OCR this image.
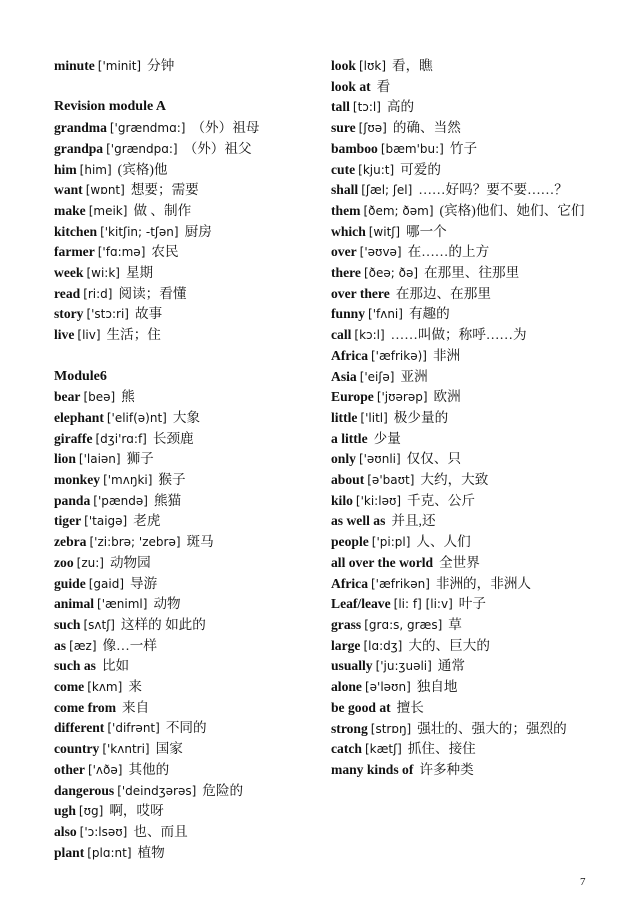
minute ['minit] 分钟
Revision module A
grandma ['grændmɑ:] （外）祖母
grandpa ['grændpɑ:] （外）祖父
him [him] (宾格)他
want [wɒnt] 想要；需要
make [meik] 做 、制作
kitchen ['kitʃin; -tʃən] 厨房
farmer ['fɑ:mə] 农民
week [wi:k] 星期
read [ri:d] 阅读；看懂
story ['stɔ:ri] 故事
live [liv] 生活；住
Module6
bear [beə] 熊
elephant ['elif(ə)nt] 大象
giraffe [dʒi'rɑ:f] 长颈鹿
lion ['laiən] 狮子
monkey ['mʌŋki] 猴子
panda ['pændə] 熊猫
tiger ['taigə] 老虎
zebra ['zi:brə; 'zebrə] 斑马
zoo [zu:] 动物园
guide [gaid] 导游
animal ['æniml] 动物
such [sʌtʃ] 这样的 如此的
as [æz] 像…一样
such as 比如
come [kʌm] 来
come from 来自
different ['difrənt] 不同的
country ['kʌntri] 国家
other ['ʌðə] 其他的
dangerous ['deindʒərəs] 危险的
ugh [ʊg] 啊，哎呀
also ['ɔ:lsəʊ] 也、而且
plant [plɑ:nt] 植物
look [lʊk] 看，瞧
look at 看
tall [tɔ:l] 高的
sure [ʃʊə] 的确、当然
bamboo [bæm'bu:] 竹子
cute [kju:t] 可爱的
shall [ʃæl; ʃel] ……好吗？要不要……？
them [ðem; ðəm] (宾格)他们、她们、它们
which [witʃ] 哪一个
over ['əʊvə] 在……的上方
there [ðeə; ðə] 在那里、往那里
over there 在那边、在那里
funny ['fʌni] 有趣的
call [kɔ:l] ……叫做；称呼……为
Africa ['æfrikə)] 非洲
Asia ['eiʃə] 亚洲
Europe ['jʊərəp] 欧洲
little ['litl] 极少量的
a little 少量
only ['əʊnli] 仅仅、只
about [ə'baʊt] 大约，大致
kilo ['ki:ləʊ] 千克、公斤
as well as 并且,还
people ['pi:pl] 人、人们
all over the world 全世界
Africa ['æfrikən] 非洲的，非洲人
Leaf/leave [li: f] [li:v] 叶子
grass [grɑ:s, græs] 草
large [lɑ:dʒ] 大的、巨大的
usually ['ju:ʒuəli] 通常
alone [ə'ləʊn] 独自地
be good at 擅长
strong [strɒŋ] 强壮的、强大的；强烈的
catch [kætʃ] 抓住、接住
many kinds of 许多种类
7
